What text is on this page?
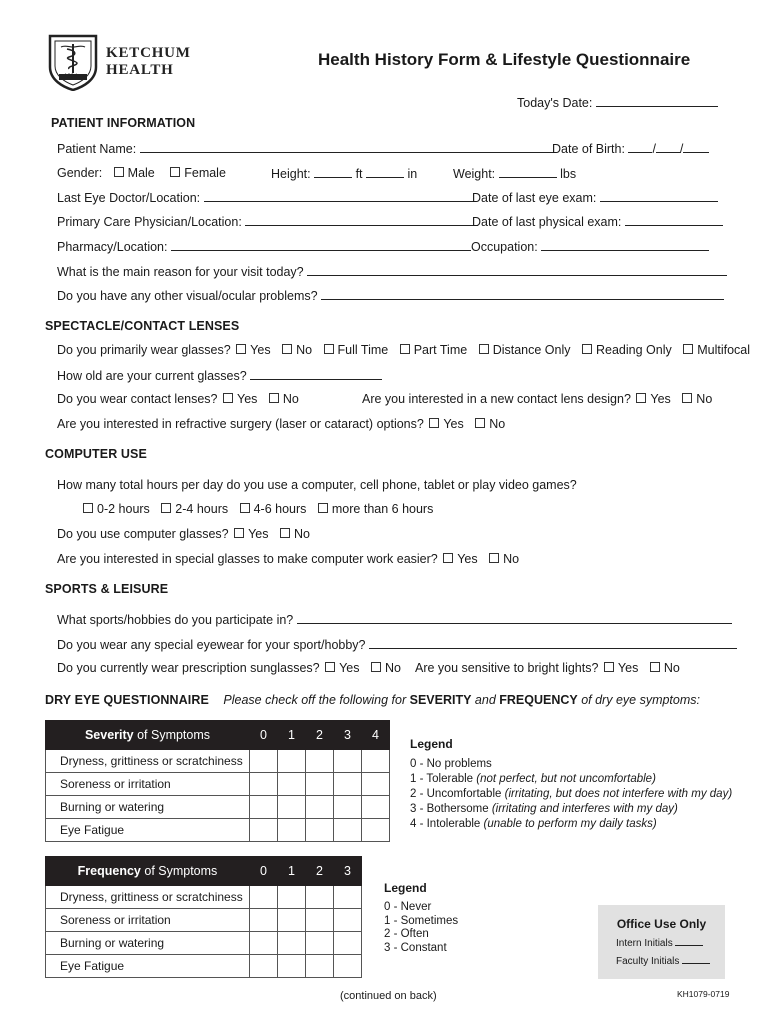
1904
KETCHUM
HEALTH
Health History Form & Lifestyle Questionnaire
Today's Date:
PATIENT INFORMATION
Patient Name:	Date of Birth: / /
Gender: Male Female	Height:	ft	in	Weight:	lbs
Last Eye Doctor/Location:	Date of last eye exam:
Primary Care Physician/Location:	Date of last physical exam:
Pharmacy/Location:	Occupation:
What is the main reason for your visit today?
Do you have any other visual/ocular problems?
SPECTACLE/CONTACT LENSES
Do you primarily wear glasses? Yes No Full Time Part Time Distance Only Reading Only Multifocal
How old are your current glasses?
Do you wear contact lenses? Yes No	Are you interested in a new contact lens design? Yes No
Are you interested in refractive surgery (laser or cataract) options? Yes No
COMPUTER USE
How many total hours per day do you use a computer, cell phone, tablet or play video games?
0-2 hours 2-4 hours 4-6 hours more than 6 hours
Do you use computer glasses? Yes No
Are you interested in special glasses to make computer work easier? Yes No
SPORTS & LEISURE
What sports/hobbies do you participate in?
Do you wear any special eyewear for your sport/hobby?
Do you currently wear prescription sunglasses? Yes No Are you sensitive to bright lights? Yes No
DRY EYE QUESTIONNAIRE Please check off the following for SEVERITY and FREQUENCY of dry eye symptoms:
Severity of Symptoms	0	1	2	3	4
Dryness, grittiness or scratchiness					
Soreness or irritation					
Burning or watering					
Eye Fatigue					
Legend
0 - No problems
1 - Tolerable (not perfect, but not uncomfortable)
2 - Uncomfortable (irritating, but does not interfere with my day)
3 - Bothersome (irritating and interferes with my day)
4 - Intolerable (unable to perform my daily tasks)
Frequency of Symptoms	0	1	2	3
Dryness, grittiness or scratchiness				
Soreness or irritation				
Burning or watering				
Eye Fatigue				
Legend
0 - Never
1 - Sometimes
2 - Often
3 - Constant
Office Use Only
Intern Initials
Faculty Initials
(continued on back)	KH1079-0719
